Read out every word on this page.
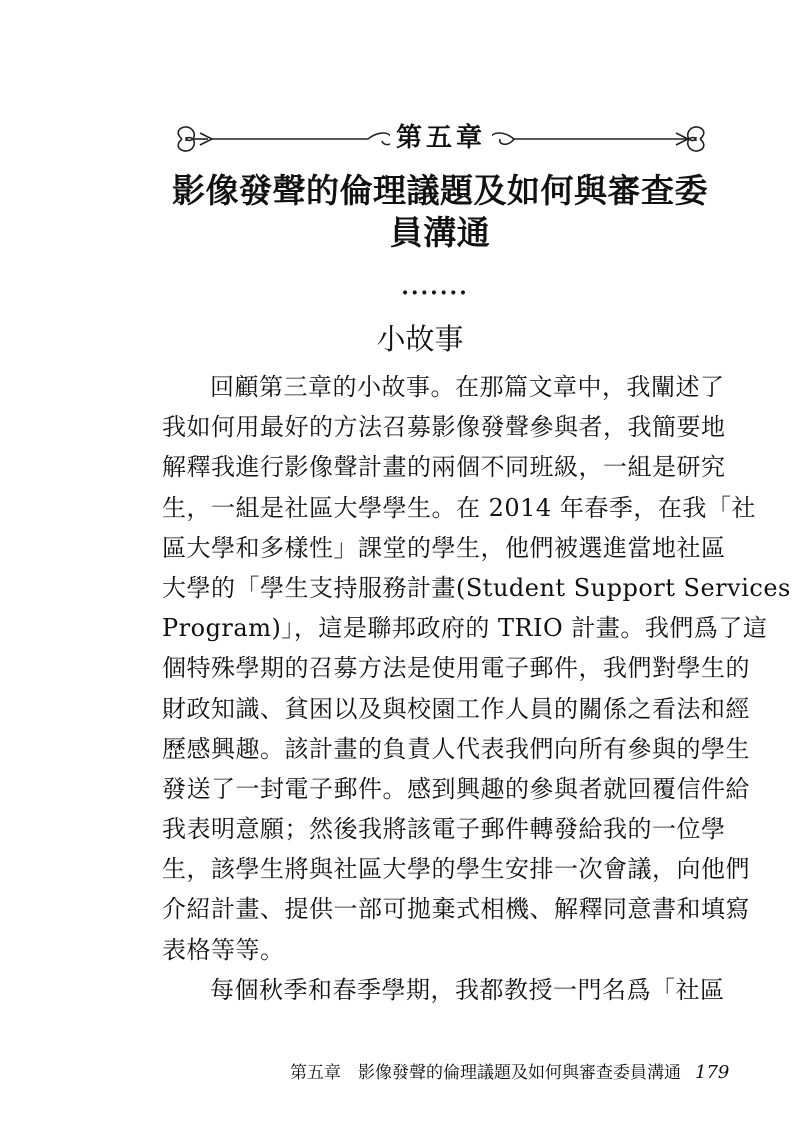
第五章
影像發聲的倫理議題及如何與審查委員溝通
·······
小故事
回顧第三章的小故事。在那篇文章中，我闡述了
我如何用最好的方法召募影像發聲參與者，我簡要地
解釋我進行影像聲計畫的兩個不同班級，一組是研究
生，一組是社區大學學生。在 2014 年春季，在我「社
區大學和多樣性」課堂的學生，他們被選進當地社區
大學的「學生支持服務計畫(Student Support Services
Program)」，這是聯邦政府的 TRIO 計畫。我們爲了這
個特殊學期的召募方法是使用電子郵件，我們對學生的
財政知識、貧困以及與校園工作人員的關係之看法和經
歷感興趣。該計畫的負責人代表我們向所有參與的學生
發送了一封電子郵件。感到興趣的參與者就回覆信件給
我表明意願；然後我將該電子郵件轉發給我的一位學
生，該學生將與社區大學的學生安排一次會議，向他們
介紹計畫、提供一部可拋棄式相機、解釋同意書和填寫
表格等等。
每個秋季和春季學期，我都教授一門名爲「社區
第五章　影像發聲的倫理議題及如何與審查委員溝通 179
